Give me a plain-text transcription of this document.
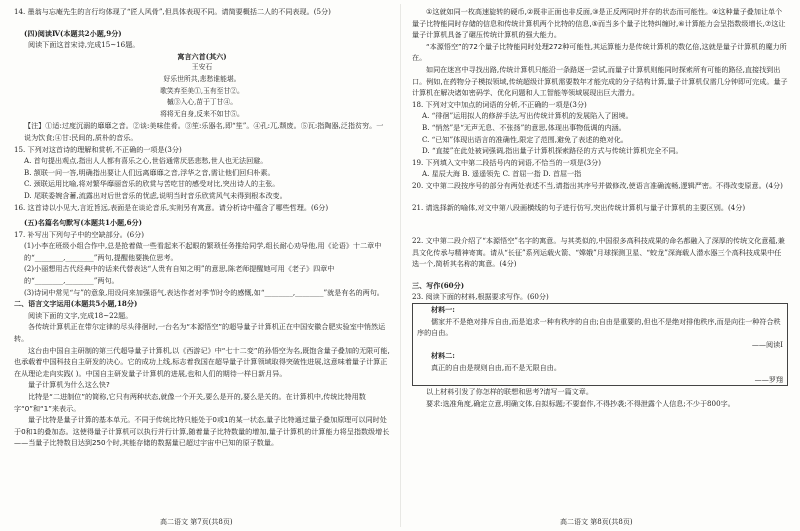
14. 墨翁与忘庵先生的言行均体现了“匠人风骨”,但具体表现不同。请简要概括二人的不同表现。(5分)

(四)阅读Ⅳ(本题共2小题,9分)

阅读下面这首宋诗,完成15~16题。

寓言六首(其六)

王安石

好乐世所共,悲愁谁能堪。

歌笑弃至美①,玉有至甘②。

槭③入心,苗于丁甘④。

将将无自身,反来不如甘⑤。

【注】①适:过度沉溺的靡靡之音。②谈:美味佳肴。③笙:乐器名,即“笙”。④孔:兀,颓废。⑤瓦:指陶器,泛指贫穷。一说为饮食;④甘:民间的,质朴的音乐。

15. 下列对这首诗的理解和赏析,不正确的一项是(3分)

A. 首句提出观点,指出人人都有喜乐之心,世俗通常厌恶悲愁,世人也无法回避。

B. 颔联一问一答,明确指出要让人们远离靡靡之音,浮华之音,需让他们回归朴素。

C. 颈联运用比喻,将对繁华靡丽音乐的欣赏与苦吃甘的感受对比,突出诗人的主张。

D. 尾联委婉含蓄,流露出对后世音乐的忧虑,说明当时音乐欣赏风气未得到根本改变。

16. 这首诗以小见大,言近旨远,表面是在谈论音乐,实则另有寓意。请分析诗中蕴含了哪些哲理。(6分)

(五)名篇名句默写(本题共1小题,6分)

17. 补写出下列句子中的空缺部分。(6分)

(1)小李在班级小组合作中,总是抢着做一些看起来不起眼的繁琐任务推给同学,组长耐心劝导他,用《论语》十二章中的“________,________”两句,提醒他要换位思考。

(2)小丽想用古代经典中的话来代替表达“人贵有自知之明”的意思,陈老师提醒她可用《老子》四章中的“________,________”两句。

(3)诗词中常见“与”的意象,用设问来加强语气,表达作者对季节时令的感慨,如“________,________”就是有名的两句。

二、语言文字运用(本题共5小题,18分)

阅读下面的文字,完成18~22题。

各传统计算机正在带尔定律的尽头徘徊时,一台名为“本源悟空”的超导量子计算机正在中国安徽合肥实验室中悄然运转。

这台由中国自主研制的第三代超导量子计算机,以《西游记》中“七十二变”的孙悟空为名,既饱含量子叠加的无限可能,也承载着中国科技自主研发的决心。它的成功上线,标志着我国在超导量子计算领域取得突破性进展,这意味着量子计算正在从理论走向实践( )。中国自主研发量子计算机的进展,也和人们的期待一样日新月异。

量子计算机为什么这么快?

比特是“二进制位”的简称,它只有两种状态,就像一个开关,要么是开的,要么是关的。在计算机中,传统比特用数字“0”和“1”来表示。

量子比特是量子计算的基本单元。不同于传统比特只能处于0或1的某一状态,量子比特通过量子叠加原理可以同时处于0和1的叠加态。这使得量子计算机可以执行并行计算,随着量子比特数量的增加,量子计算机的计算能力将呈指数级增长——当量子比特数目达到250个时,其能存储的数据量已超过宇宙中已知的原子数量。

①这就如同一枚高速旋转的硬币,②既非正面也非反面,③是正反两同时并存的状态而可能性。④这种量子叠加让单个量子比特能同时存储的信息和传统计算机两个比特的信息,⑤而当多个量子比特纠缠时,⑥计算能力会呈指数级增长,⑦这让量子计算机具备了碾压传统计算机的强大能力。

“本源悟空”的72个量子比特能同时处理272种可能性,其运算能力是传统计算机的数亿倍,这就是量子计算机的魔力所在。

如同在迷宫中寻找出路,传统计算机只能沿一条路逐一尝试,而量子计算机则能同时探索所有可能的路径,直接找到出口。例如,在药物分子模拟领域,传统超级计算机需要数年才能完成的分子结构计算,量子计算机仅需几分钟即可完成。量子计算机在解决诸如密码学、优化问题和人工智能等领域展现出巨大潜力。

18. 下列对文中加点的词语的分析,不正确的一项是(3分)

A. “徘徊”运用拟人的修辞手法,写出传统计算机的发展陷入了困境。

B. “悄然”是“无声无息、不张扬”的意思,体现出事物低调的内涵。

C. “已知”体现出语言的准确性,限定了范围,避免了表述的绝对化。

D. “直接”在此处被词强调,指出量子计算机探索路径的方式与传统计算机完全不同。

19. 下列填入文中第二段括号内的词语,不恰当的一项是(3分)

A. 星辰大海 B. 遥遥领先 C. 首屈一指 D. 首屈一指

20. 文中第二段按序号的部分有两处表述不当,请指出其序号并做修改,使语言准确流畅,逻辑严密。不得改变原意。(4分)

21. 请选择新的喻体,对文中第八段画横线的句子进行仿写,突出传统计算机与量子计算机的主要区别。(4分)

22. 文中第二段介绍了“本源悟空”名字的寓意。与其类似的,中国很多高科技成果的命名都融入了深厚的传统文化意蕴,兼具文化传承与精神寄寓。请从“长征”系列运载火箭、“嫦娥”月球探测卫星、“蛟龙”深海载人潜水器三个高科技成果中任选一个,简析其名称的寓意。(4分)

三、写作(60分)

23. 阅读下面的材料,根据要求写作。(60分)

材料一:

儒家并不是绝对排斥自由,而是追求一种有秩序的自由;自由是重要的,但也不是绝对排他秩序,而是向往一种符合秩序的自由。

——阅读Ⅰ

材料二:

真正的自由是规则自由,而不是无限自由。

——罗翔

以上材料引发了你怎样的联想和思考?请写一篇文章。

要求:选准角度,确定立意,明确文体,自拟标题;不要套作,不得抄袭;不得泄露个人信息;不少于800字。

高二语文 第7页(共8页)	高二语文 第8页(共8页)
